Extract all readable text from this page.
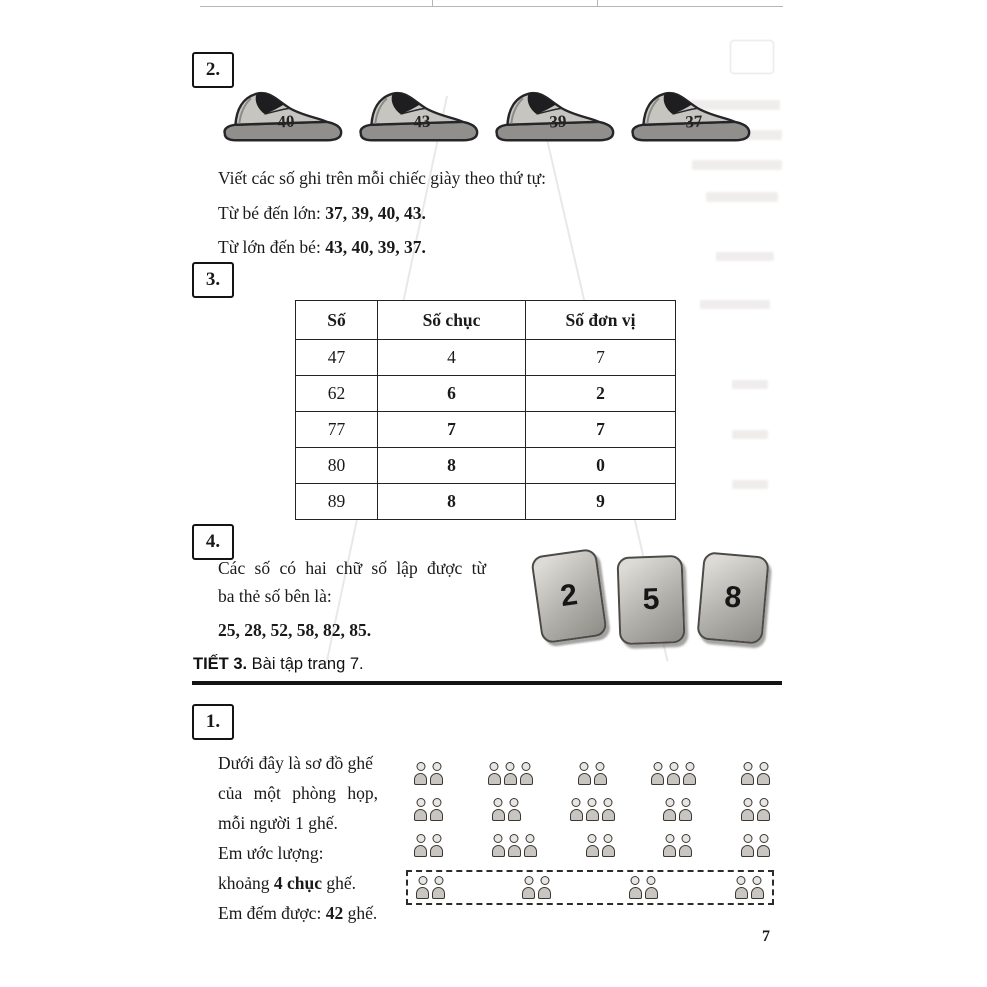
2.
40	43	39	37
Viết các số ghi trên mỗi chiếc giày theo thứ tự:
Từ bé đến lớn: 37, 39, 40, 43.
Từ lớn đến bé: 43, 40, 39, 37.
3.
Số	Số chục	Số đơn vị
47	4	7
62	6	2
77	7	7
80	8	0
89	8	9
4.
Các số có hai chữ số lập được từ
ba thẻ số bên là:
25, 28, 52, 58, 82, 85.
2	5	8
TIẾT 3. Bài tập trang 7.
1.
Dưới đây là sơ đồ ghế
của một phòng họp,
mỗi người 1 ghế.
Em ước lượng:
khoảng 4 chục ghế.
Em đếm được: 42 ghế.
7
